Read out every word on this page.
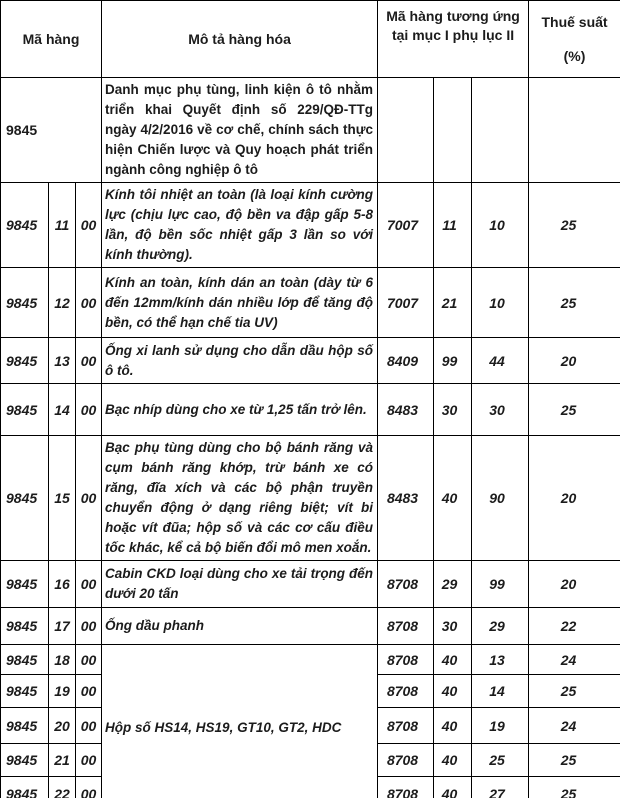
Mã hàng			Mô tả hàng hóa	Mã hàng tương ứng tại mục I phụ lục II			Thuế suất
(%)

9845			Danh mục phụ tùng, linh kiện ô tô nhằm triển khai Quyết định số 229/QĐ-TTg ngày 4/2/2016 về cơ chế, chính sách thực hiện Chiến lược và Quy hoạch phát triển ngành công nghiệp ô tô				
9845	11	00	Kính tôi nhiệt an toàn (là loại kính cường lực (chịu lực cao, độ bền va đập gấp 5-8 lần, độ bền sốc nhiệt gấp 3 lần so với kính thường).	7007	11	10	25
9845	12	00	Kính an toàn, kính dán an toàn (dày từ 6 đến 12mm/kính dán nhiều lớp để tăng độ bền, có thể hạn chế tia UV)	7007	21	10	25
9845	13	00	Ống xi lanh sử dụng cho dẫn dầu hộp số ô tô.	8409	99	44	20
9845	14	00	Bạc nhíp dùng cho xe từ 1,25 tấn trở lên.	8483	30	30	25
9845	15	00	Bạc phụ tùng dùng cho bộ bánh răng và cụm bánh răng khớp, trừ bánh xe có răng, đĩa xích và các bộ phận truyền chuyển động ở dạng riêng biệt; vít bi hoặc vít đũa; hộp số và các cơ cấu điều tốc khác, kể cả bộ biến đổi mô men xoắn.	8483	40	90	20
9845	16	00	Cabin CKD loại dùng cho xe tải trọng đến dưới 20 tấn	8708	29	99	20
9845	17	00	Ống dầu phanh	8708	30	29	22
9845	18	00	Hộp số HS14, HS19, GT10, GT2, HDC	8708	40	13	24
9845	19	00		8708	40	14	25
9845	20	00		8708	40	19	24
9845	21	00		8708	40	25	25
9845	22	00		8708	40	27	25
